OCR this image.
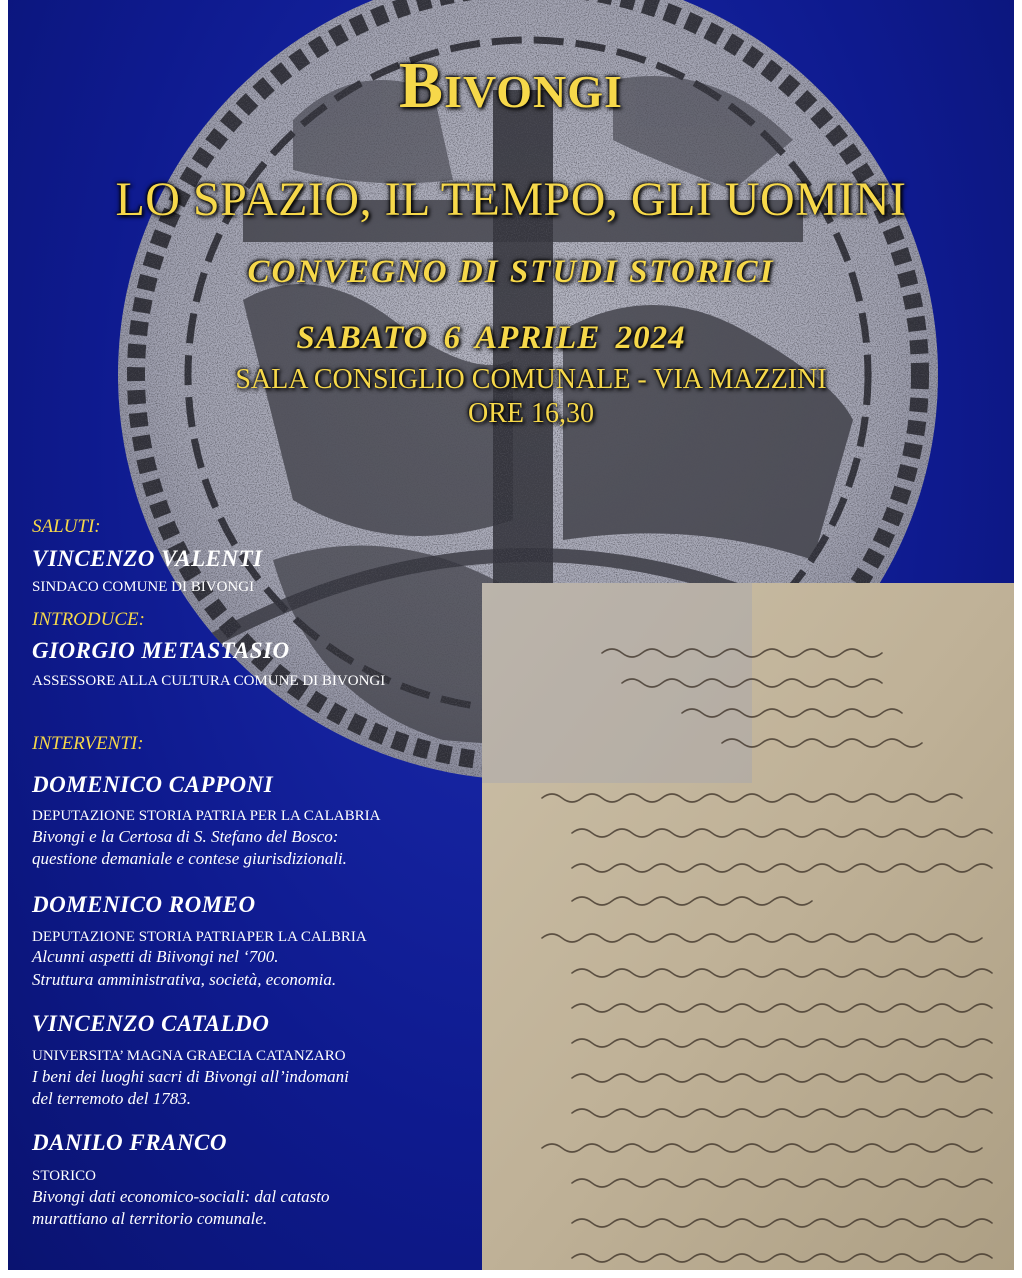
Bivongi
LO SPAZIO, IL TEMPO, GLI UOMINI
CONVEGNO DI STUDI STORICI
SABATO 6 APRILE 2024
SALA CONSIGLIO COMUNALE - VIA MAZZINI
ORE 16,30
SALUTI:
VINCENZO VALENTI
SINDACO COMUNE DI BIVONGI
INTRODUCE:
GIORGIO METASTASIO
ASSESSORE ALLA CULTURA COMUNE DI BIVONGI
INTERVENTI:
DOMENICO CAPPONI
DEPUTAZIONE STORIA PATRIA PER LA CALABRIA
Bivongi e la Certosa di S. Stefano del Bosco:
questione demaniale e contese giurisdizionali.
DOMENICO ROMEO
DEPUTAZIONE STORIA PATRIAPER LA CALBRIA
Alcunni aspetti di Biivongi nel ‘700.
Struttura amministrativa, società, economia.
VINCENZO CATALDO
UNIVERSITA’ MAGNA GRAECIA CATANZARO
I beni dei luoghi sacri di Bivongi all’indomani
del terremoto del 1783.
DANILO FRANCO
STORICO
Bivongi dati economico-sociali: dal catasto
murattiano al territorio comunale.
